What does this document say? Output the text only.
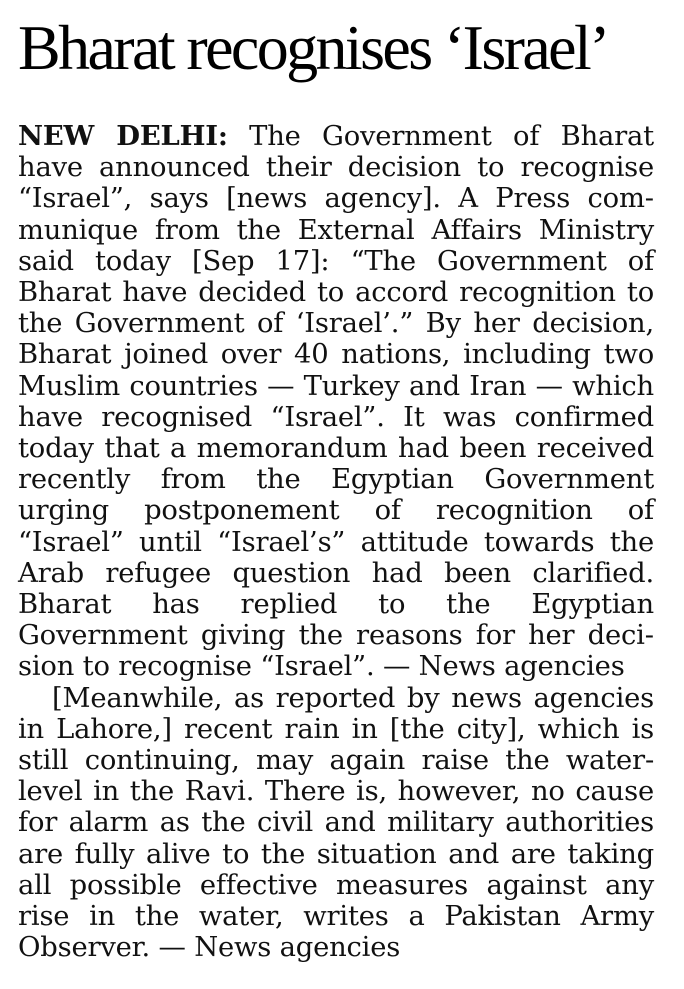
Bharat recognises ‘Israel’

NEW DELHI: The Government of Bharat have announced their decision to recognise “Israel”, says [news agency]. A Press communique from the External Affairs Ministry said today [Sep 17]: “The Government of Bharat have decided to accord recognition to the Government of ‘Israel’.” By her decision, Bharat joined over 40 nations, including two Muslim countries — Turkey and Iran — which have recognised “Israel”. It was confirmed today that a memorandum had been received recently from the Egyptian Government urging postponement of recognition of “Israel” until “Israel’s” attitude towards the Arab refugee question had been clarified. Bharat has replied to the Egyptian Government giving the reasons for her decision to recognise “Israel”. — News agencies

[Meanwhile, as reported by news agencies in Lahore,] recent rain in [the city], which is still continuing, may again raise the water-level in the Ravi. There is, however, no cause for alarm as the civil and military authorities are fully alive to the situation and are taking all possible effective measures against any rise in the water, writes a Pakistan Army Observer. — News agencies
